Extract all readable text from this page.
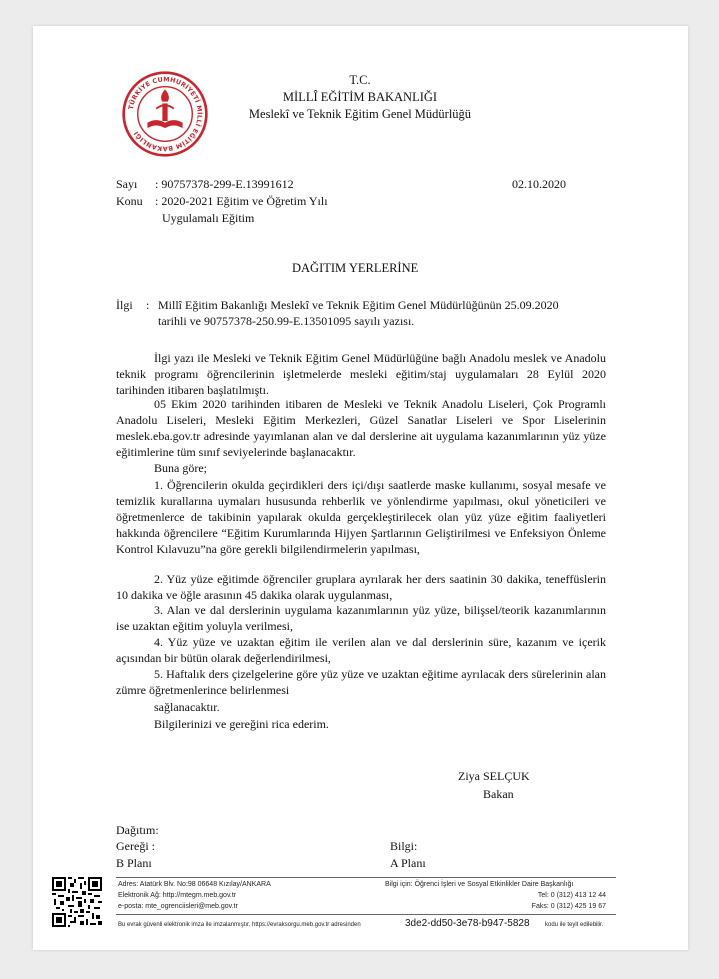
TÜRKİYE CUMHURİYETİ MİLLÎ EĞİTİM BAKANLIĞI
T.C.
MİLLÎ EĞİTİM BAKANLIĞI
Meslekî ve Teknik Eğitim Genel Müdürlüğü
Sayı : 90757378-299-E.13991612	02.10.2020
Konu : 2020-2021 Eğitim ve Öğretim Yılı
Uygulamalı Eğitim
DAĞITIM YERLERİNE
İlgi : Millî Eğitim Bakanlığı Meslekî ve Teknik Eğitim Genel Müdürlüğünün 25.09.2020
tarihli ve 90757378-250.99-E.13501095 sayılı yazısı.
İlgi yazı ile Mesleki ve Teknik Eğitim Genel Müdürlüğüne bağlı Anadolu meslek ve Anadolu teknik programı öğrencilerinin işletmelerde mesleki eğitim/staj uygulamaları 28 Eylül 2020 tarihinden itibaren başlatılmıştı.
05 Ekim 2020 tarihinden itibaren de Mesleki ve Teknik Anadolu Liseleri, Çok Programlı Anadolu Liseleri, Mesleki Eğitim Merkezleri, Güzel Sanatlar Liseleri ve Spor Liselerinin meslek.eba.gov.tr adresinde yayımlanan alan ve dal derslerine ait uygulama kazanımlarının yüz yüze eğitimlerine tüm sınıf seviyelerinde başlanacaktır.
Buna göre;
1. Öğrencilerin okulda geçirdikleri ders içi/dışı saatlerde maske kullanımı, sosyal mesafe ve temizlik kurallarına uymaları hususunda rehberlik ve yönlendirme yapılması, okul yöneticileri ve öğretmenlerce de takibinin yapılarak okulda gerçekleştirilecek olan yüz yüze eğitim faaliyetleri hakkında öğrencilere “Eğitim Kurumlarında Hijyen Şartlarının Geliştirilmesi ve Enfeksiyon Önleme Kontrol Kılavuzu”na göre gerekli bilgilendirmelerin yapılması,
2. Yüz yüze eğitimde öğrenciler gruplara ayrılarak her ders saatinin 30 dakika, teneffüslerin 10 dakika ve öğle arasının 45 dakika olarak uygulanması,
3. Alan ve dal derslerinin uygulama kazanımlarının yüz yüze, bilişsel/teorik kazanımlarının ise uzaktan eğitim yoluyla verilmesi,
4. Yüz yüze ve uzaktan eğitim ile verilen alan ve dal derslerinin süre, kazanım ve içerik açısından bir bütün olarak değerlendirilmesi,
5. Haftalık ders çizelgelerine göre yüz yüze ve uzaktan eğitime ayrılacak ders sürelerinin alan zümre öğretmenlerince belirlenmesi
sağlanacaktır.
Bilgilerinizi ve gereğini rica ederim.
Ziya SELÇUK
Bakan
Dağıtım:
Gereği :
B Planı
Bilgi:
A Planı
Adres: Atatürk Blv. No:98 06648 Kızılay/ANKARA
Elektronik Ağ: http://mtegm.meb.gov.tr
e-posta: mte_ogrenciisleri@meb.gov.tr
Bilgi için: Öğrenci İşleri ve Sosyal Etkinlikler Daire Başkanlığı
Tel: 0 (312) 413 12 44
Faks: 0 (312) 425 19 67
Bu evrak güvenli elektronik imza ile imzalanmıştır. https://evraksorgu.meb.gov.tr adresinden	3de2-dd50-3e78-b947-5828	kodu ile teyit edilebilir.
